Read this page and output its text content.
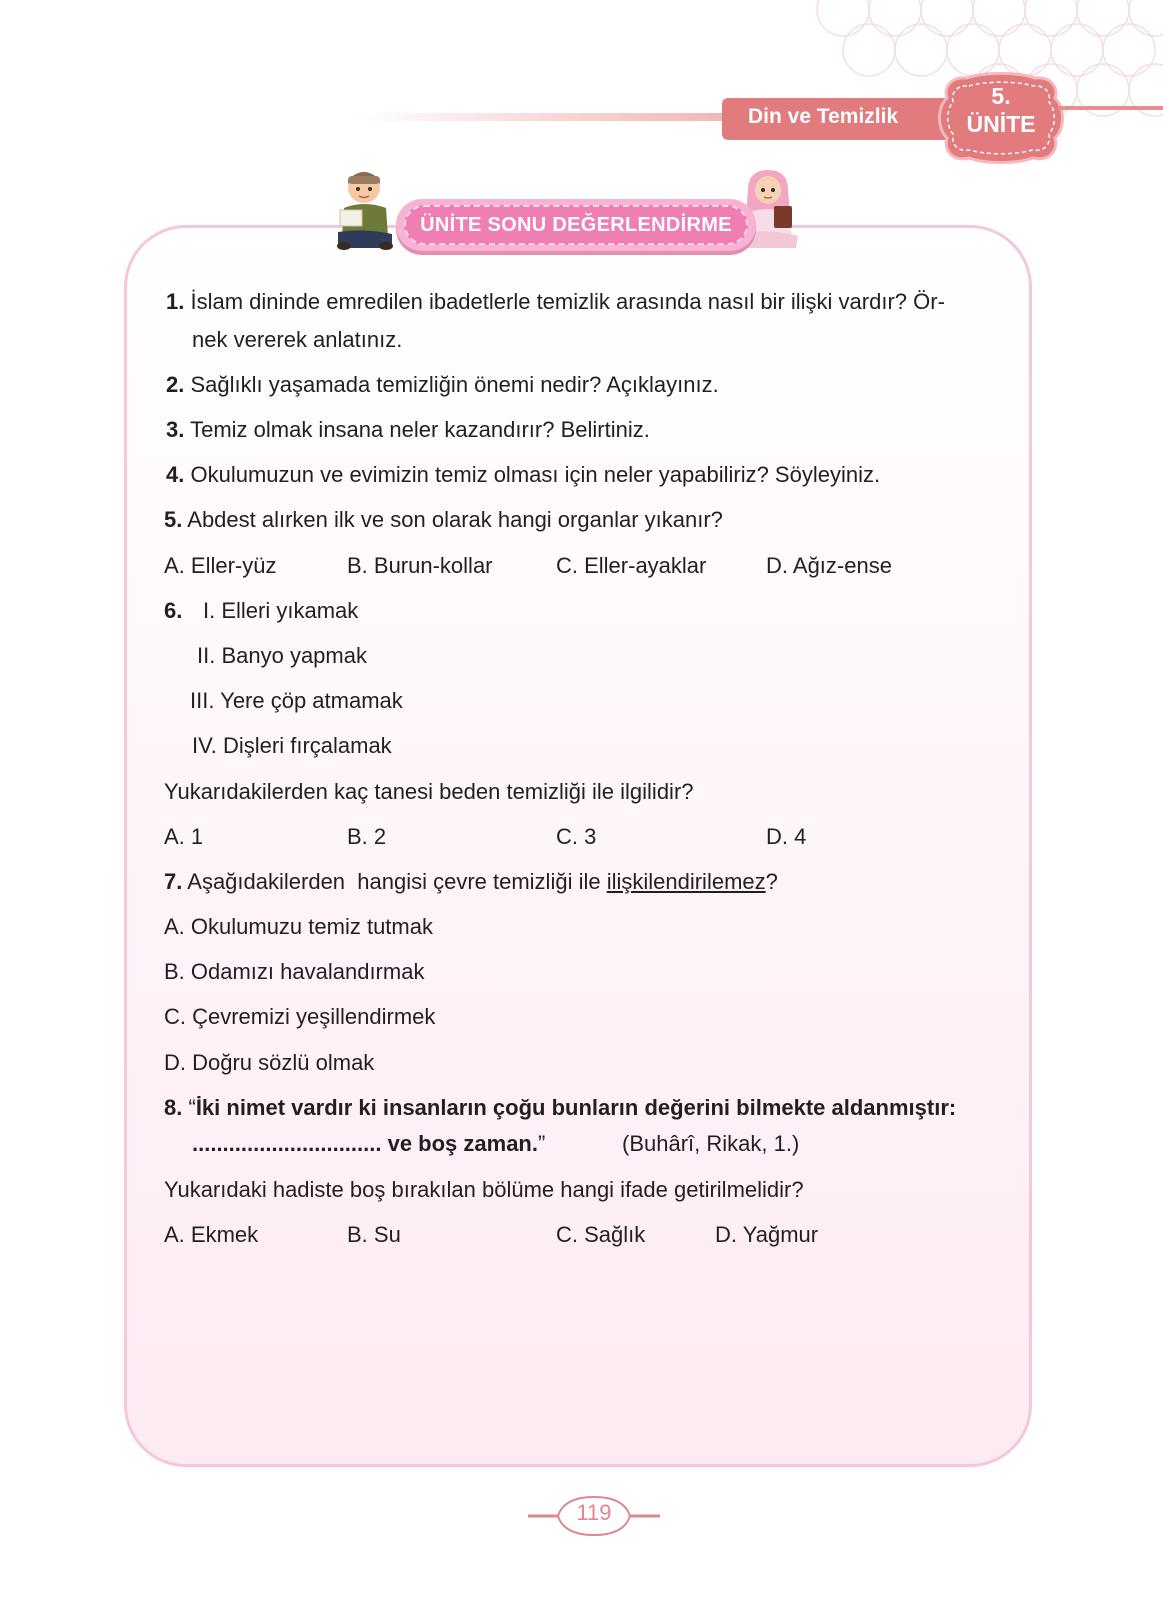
Din ve Temizlik
5.
ÜNİTE
ÜNİTE SONU DEĞERLENDİRME
1. İslam dininde emredilen ibadetlerle temizlik arasında nasıl bir ilişki vardır? Ör-
nek vererek anlatınız.
2. Sağlıklı yaşamada temizliğin önemi nedir? Açıklayınız.
3. Temiz olmak insana neler kazandırır? Belirtiniz.
4. Okulumuzun ve evimizin temiz olması için neler yapabiliriz? Söyleyiniz.
5. Abdest alırken ilk ve son olarak hangi organlar yıkanır?
A. Eller-yüz	B. Burun-kollar	C. Eller-ayaklar	D. Ağız-ense
6. I. Elleri yıkamak
II. Banyo yapmak
III. Yere çöp atmamak
IV. Dişleri fırçalamak
Yukarıdakilerden kaç tanesi beden temizliği ile ilgilidir?
A. 1	B. 2	C. 3	D. 4
7. Aşağıdakilerden  hangisi çevre temizliği ile ilişkilendirilemez?
A. Okulumuzu temiz tutmak
B. Odamızı havalandırmak
C. Çevremizi yeşillendirmek
D. Doğru sözlü olmak
8. “İki nimet vardır ki insanların çoğu bunların değerini bilmekte aldanmıştır:
............................... ve boş zaman.”	(Buhârî, Rikak, 1.)
Yukarıdaki hadiste boş bırakılan bölüme hangi ifade getirilmelidir?
A. Ekmek	B. Su	C. Sağlık	D. Yağmur
119
